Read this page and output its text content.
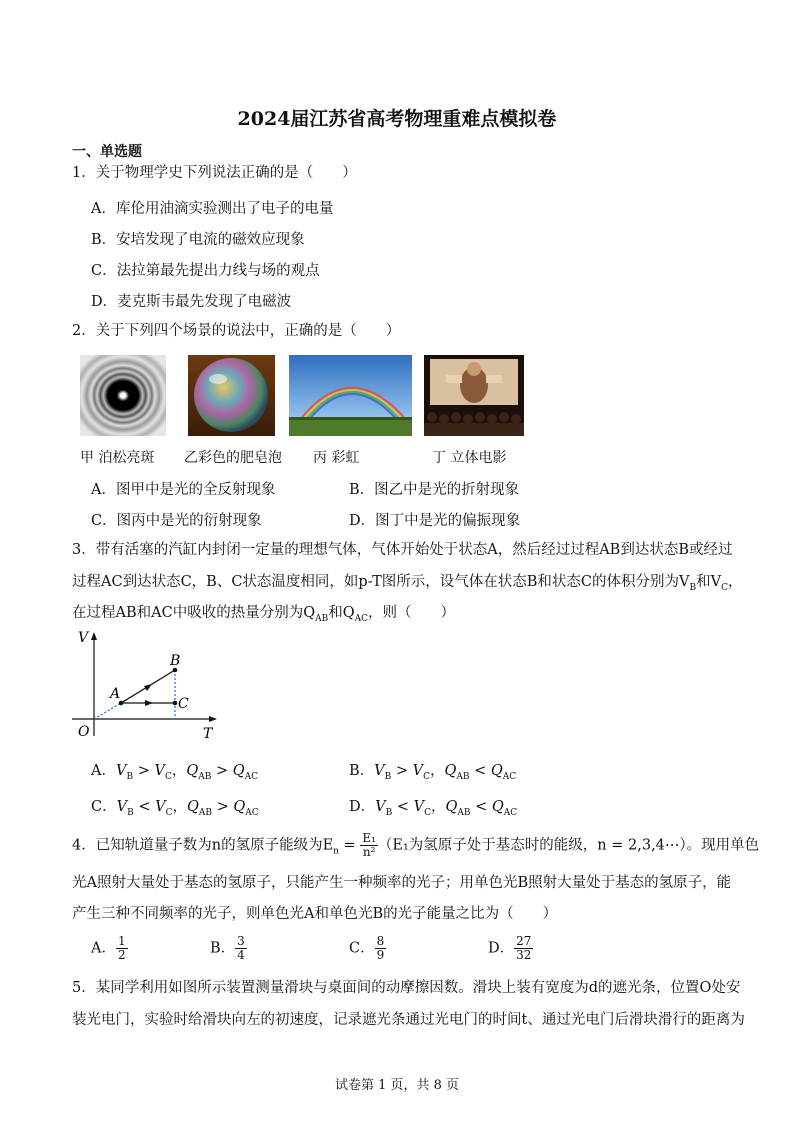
2024届江苏省高考物理重难点模拟卷
一、单选题
1．关于物理学史下列说法正确的是（　　）
A．库伦用油滴实验测出了电子的电量
B．安培发现了电流的磁效应现象
C．法拉第最先提出力线与场的观点
D．麦克斯韦最先发现了电磁波
2．关于下列四个场景的说法中，正确的是（　　）
甲 泊松亮斑 乙彩色的肥皂泡 丙 彩虹	丁 立体电影
A．图甲中是光的全反射现象	B．图乙中是光的折射现象
C．图丙中是光的衍射现象	D．图丁中是光的偏振现象
3．带有活塞的汽缸内封闭一定量的理想气体，气体开始处于状态A，然后经过过程AB到达状态B或经过
过程AC到达状态C，B、C状态温度相同，如p-T图所示，设气体在状态B和状态C的体积分别为$V_B$和$V_C$，
在过程AB和AC中吸收的热量分别为$Q_{AB}$和$Q_{AC}$，则（　　）
V
T
O
A
B
C
A．$V_B > V_C$，$Q_{AB} > Q_{AC}$	B．$V_B > V_C$，$Q_{AB} < Q_{AC}$
C．$V_B < V_C$，$Q_{AB} > Q_{AC}$	D．$V_B < V_C$，$Q_{AB} < Q_{AC}$
4．已知轨道量子数为n的氢原子能级为$E_n = \frac{\text{E₁}}{\text{n²}} (E_1$为氢原子处于基态时的能级，n = 2,3,4⋯）。现用单色
光A照射大量处于基态的氢原子，只能产生一种频率的光子；用单色光B照射大量处于基态的氢原子，能
产生三种不同频率的光子，则单色光A和单色光B的光子能量之比为（　　）
A． $\frac{1}{2}$	B． $\frac{3}{4}$	C． $\frac{8}{9}$	D． $\frac{27}{32}$
5．某同学利用如图所示装置测量滑块与桌面间的动摩擦因数。滑块上装有宽度为d的遮光条，位置O处安
装光电门，实验时给滑块向左的初速度，记录遮光条通过光电门的时间t、通过光电门后滑块滑行的距离为
试卷第 1 页，共 8 页
